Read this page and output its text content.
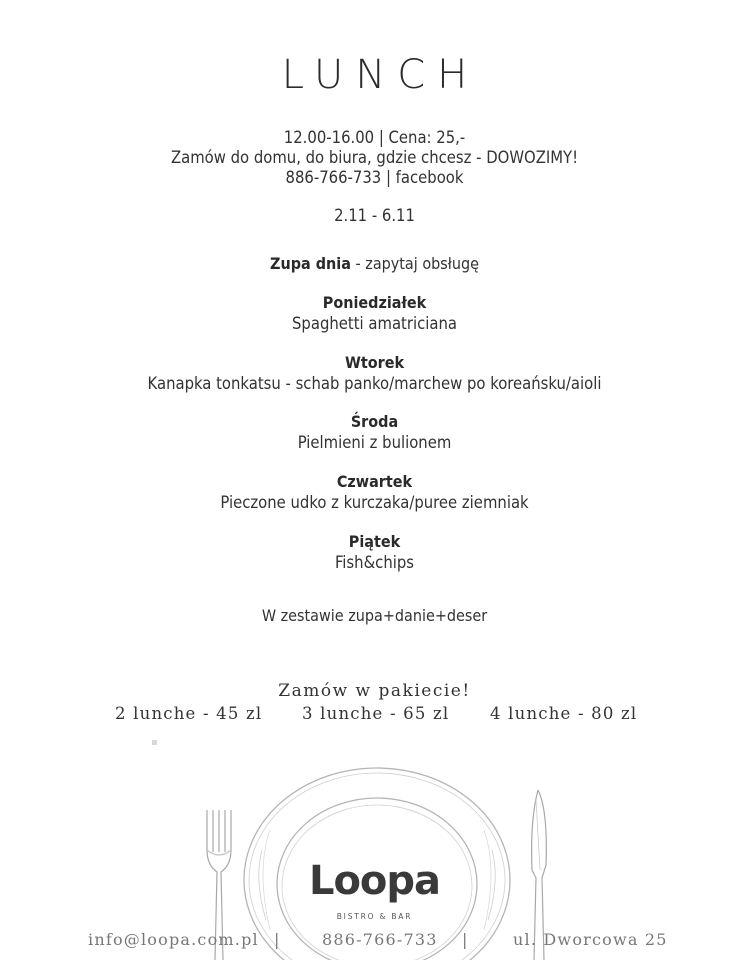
LUNCH
12.00-16.00 | Cena: 25,-
Zamów do domu, do biura, gdzie chcesz - DOWOZIMY!
886-766-733 | facebook
2.11 - 6.11
Zupa dnia - zapytaj obsługę
Poniedziałek
Spaghetti amatriciana
Wtorek
Kanapka tonkatsu - schab panko/marchew po koreańsku/aioli
Środa
Pielmieni z bulionem
Czwartek
Pieczone udko z kurczaka/puree ziemniak
Piątek
Fish&chips
W zestawie zupa+danie+deser
Zamów w pakiecie!
2 lunche - 45 zl 3 lunche - 65 zl 4 lunche - 80 zl
Loopa
BISTRO & BAR
info@loopa.com.pl |	886-766-733 |	ul. Dworcowa 25
